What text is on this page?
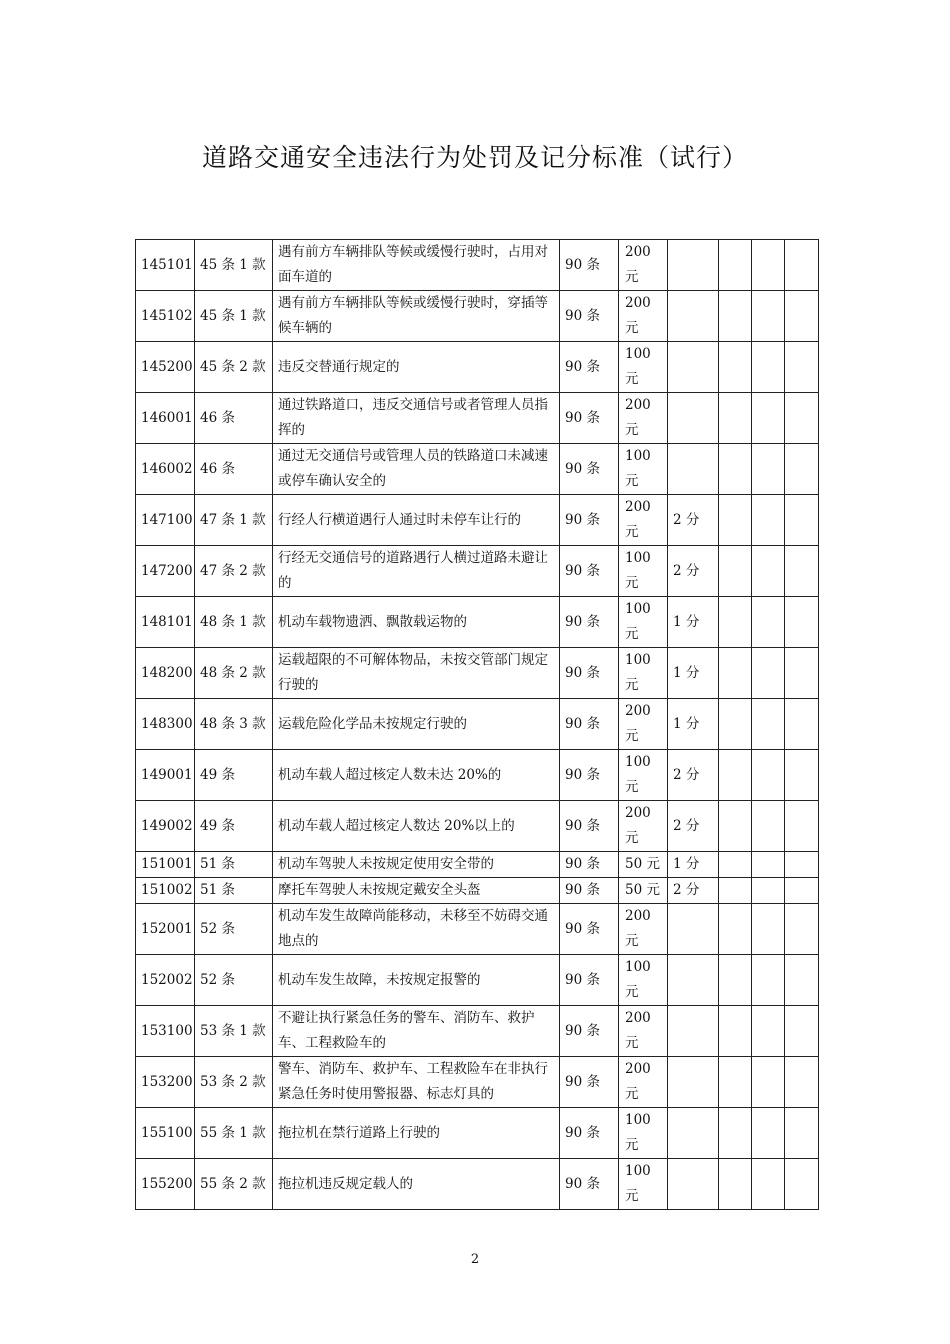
道路交通安全违法行为处罚及记分标准（试行）
145101	45 条 1 款	遇有前方车辆排队等候或缓慢行驶时，占用对面车道的	90 条	200 元				
145102	45 条 1 款	遇有前方车辆排队等候或缓慢行驶时，穿插等候车辆的	90 条	200 元				
145200	45 条 2 款	违反交替通行规定的	90 条	100 元				
146001	46 条	通过铁路道口，违反交通信号或者管理人员指挥的	90 条	200 元				
146002	46 条	通过无交通信号或管理人员的铁路道口未减速或停车确认安全的	90 条	100 元				
147100	47 条 1 款	行经人行横道遇行人通过时未停车让行的	90 条	200 元	2 分			
147200	47 条 2 款	行经无交通信号的道路遇行人横过道路未避让的	90 条	100 元	2 分			
148101	48 条 1 款	机动车载物遗洒、飘散载运物的	90 条	100 元	1 分			
148200	48 条 2 款	运载超限的不可解体物品，未按交管部门规定行驶的	90 条	100 元	1 分			
148300	48 条 3 款	运载危险化学品未按规定行驶的	90 条	200 元	1 分			
149001	49 条	机动车载人超过核定人数未达 20%的	90 条	100 元	2 分			
149002	49 条	机动车载人超过核定人数达 20%以上的	90 条	200 元	2 分			
151001	51 条	机动车驾驶人未按规定使用安全带的	90 条	50 元	1 分			
151002	51 条	摩托车驾驶人未按规定戴安全头盔	90 条	50 元	2 分			
152001	52 条	机动车发生故障尚能移动，未移至不妨碍交通地点的	90 条	200 元				
152002	52 条	机动车发生故障，未按规定报警的	90 条	100 元				
153100	53 条 1 款	不避让执行紧急任务的警车、消防车、救护车、工程救险车的	90 条	200 元				
153200	53 条 2 款	警车、消防车、救护车、工程救险车在非执行紧急任务时使用警报器、标志灯具的	90 条	200 元				
155100	55 条 1 款	拖拉机在禁行道路上行驶的	90 条	100 元				
155200	55 条 2 款	拖拉机违反规定载人的	90 条	100 元				
2
